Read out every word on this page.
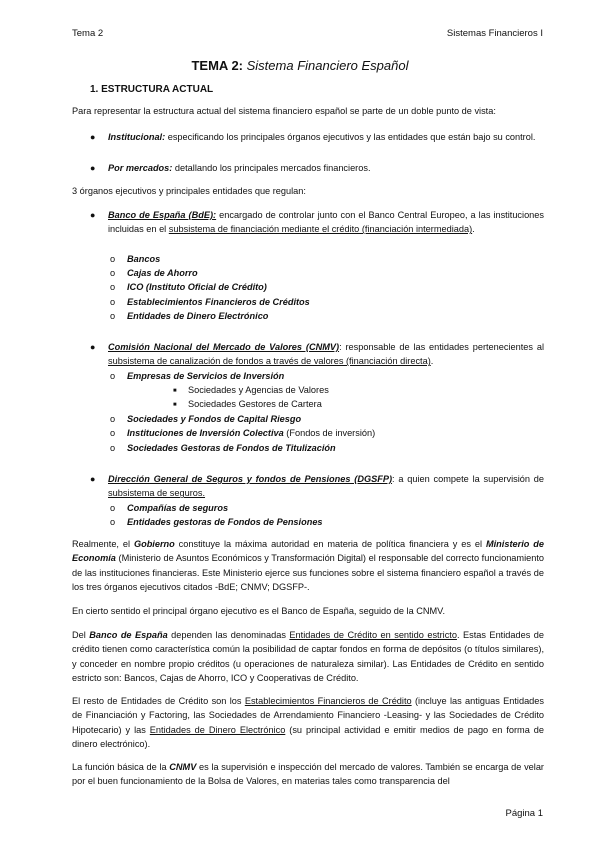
Tema 2	Sistemas Financieros I
TEMA 2: Sistema Financiero Español
1. ESTRUCTURA ACTUAL
Para representar la estructura actual del sistema financiero español se parte de un doble punto de vista:
●	Institucional: especificando los principales órganos ejecutivos y las entidades que están bajo su control.
●	Por mercados: detallando los principales mercados financieros.
3 órganos ejecutivos y principales entidades que regulan:
●	Banco de España (BdE): encargado de controlar junto con el Banco Central Europeo, a las instituciones incluidas en el subsistema de financiación mediante el crédito (financiación intermediada).
o Bancos
o Cajas de Ahorro
o ICO (Instituto Oficial de Crédito)
o Establecimientos Financieros de Créditos
o Entidades de Dinero Electrónico
●	Comisión Nacional del Mercado de Valores (CNMV): responsable de las entidades pertenecientes al subsistema de canalización de fondos a través de valores (financiación directa).
o Empresas de Servicios de Inversión
■ Sociedades y Agencias de Valores
■ Sociedades Gestores de Cartera
o Sociedades y Fondos de Capital Riesgo
o Instituciones de Inversión Colectiva (Fondos de inversión)
o Sociedades Gestoras de Fondos de Titulización
●	Dirección General de Seguros y fondos de Pensiones (DGSFP): a quien compete la supervisión de subsistema de seguros.
o Compañías de seguros
o Entidades gestoras de Fondos de Pensiones
Realmente, el Gobierno constituye la máxima autoridad en materia de política financiera y es el Ministerio de Economía (Ministerio de Asuntos Económicos y Transformación Digital) el responsable del correcto funcionamiento de las instituciones financieras. Este Ministerio ejerce sus funciones sobre el sistema financiero español a través de los tres órganos ejecutivos citados -BdE; CNMV; DGSFP-.
En cierto sentido el principal órgano ejecutivo es el Banco de España, seguido de la CNMV.
Del Banco de España dependen las denominadas Entidades de Crédito en sentido estricto. Estas Entidades de crédito tienen como característica común la posibilidad de captar fondos en forma de depósitos (o títulos similares), y conceder en nombre propio créditos (u operaciones de naturaleza similar). Las Entidades de Crédito en sentido estricto son: Bancos, Cajas de Ahorro, ICO y Cooperativas de Crédito.
El resto de Entidades de Crédito son los Establecimientos Financieros de Crédito (incluye las antiguas Entidades de Financiación y Factoring, las Sociedades de Arrendamiento Financiero -Leasing- y las Sociedades de Crédito Hipotecario) y las Entidades de Dinero Electrónico (su principal actividad e emitir medios de pago en forma de dinero electrónico).
La función básica de la CNMV es la supervisión e inspección del mercado de valores. También se encarga de velar por el buen funcionamiento de la Bolsa de Valores, en materias tales como transparencia del
Página 1
